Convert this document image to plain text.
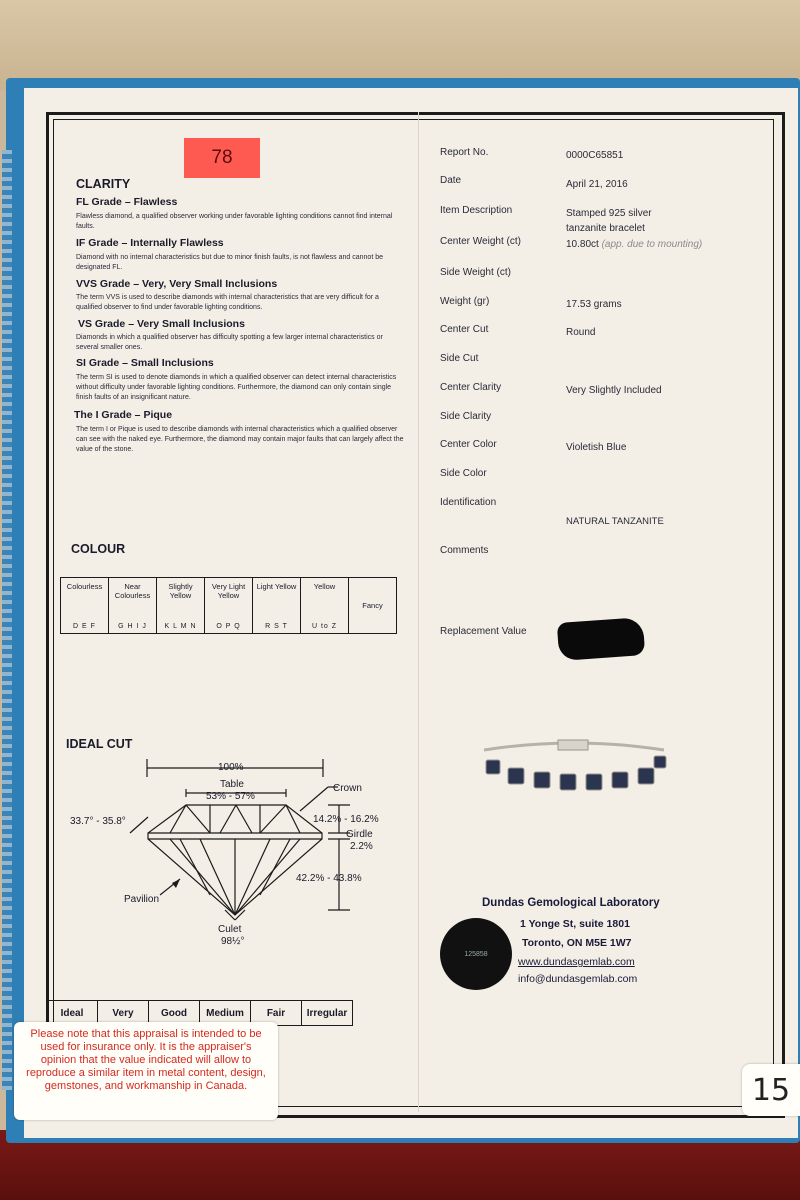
78
CLARITY
FL Grade – Flawless
Flawless diamond, a qualified observer working under favorable lighting conditions cannot find internal faults.
IF Grade – Internally Flawless
Diamond with no internal characteristics but due to minor finish faults, is not flawless and cannot be designated FL.
VVS Grade – Very, Very Small Inclusions
The term VVS is used to describe diamonds with internal characteristics that are very difficult for a qualified observer to find under favorable lighting conditions.
VS Grade – Very Small Inclusions
Diamonds in which a qualified observer has difficulty spotting a few larger internal characteristics or several smaller ones.
SI Grade – Small Inclusions
The term SI is used to denote diamonds in which a qualified observer can detect internal characteristics without difficulty under favorable lighting conditions. Furthermore, the diamond can only contain single finish faults of an insignificant nature.
The I Grade – Pique
The term I or Pique is used to describe diamonds with internal characteristics which a qualified observer can see with the naked eye. Furthermore, the diamond may contain major faults that can largely affect the value of the stone.
COLOUR
Colourless
D E F

Near Colourless
G H I J

Slightly Yellow
K L M N

Very Light Yellow
O P Q

Light Yellow
R S T

Yellow
U to Z

Fancy
IDEAL CUT
100%
Table
53% - 57%
Crown
33.7° - 35.8°	14.2% - 16.2%
Girdle
2.2%
42.2% - 43.8%
Pavilion
Culet
98½°
Ideal	Very	Good	Medium	Fair	Irregular
Report No.	0000C65851
Date	April 21, 2016
Item Description	Stamped 925 silver
tanzanite bracelet
Center Weight (ct)	10.80ct (app. due to mounting)
Side Weight (ct)
Weight (gr)	17.53 grams
Center Cut	Round
Side Cut
Center Clarity	Very Slightly Included
Side Clarity
Center Color	Violetish Blue
Side Color
Identification
NATURAL TANZANITE
Comments
Replacement Value
125858
Dundas Gemological Laboratory
1 Yonge St, suite 1801
Toronto, ON M5E 1W7
www.dundasgemlab.com
info@dundasgemlab.com
Please note that this appraisal is intended to be used for insurance only. It is the appraiser's opinion that the value indicated will allow to reproduce a similar item in metal content, design, gemstones, and workmanship in Canada.	15
